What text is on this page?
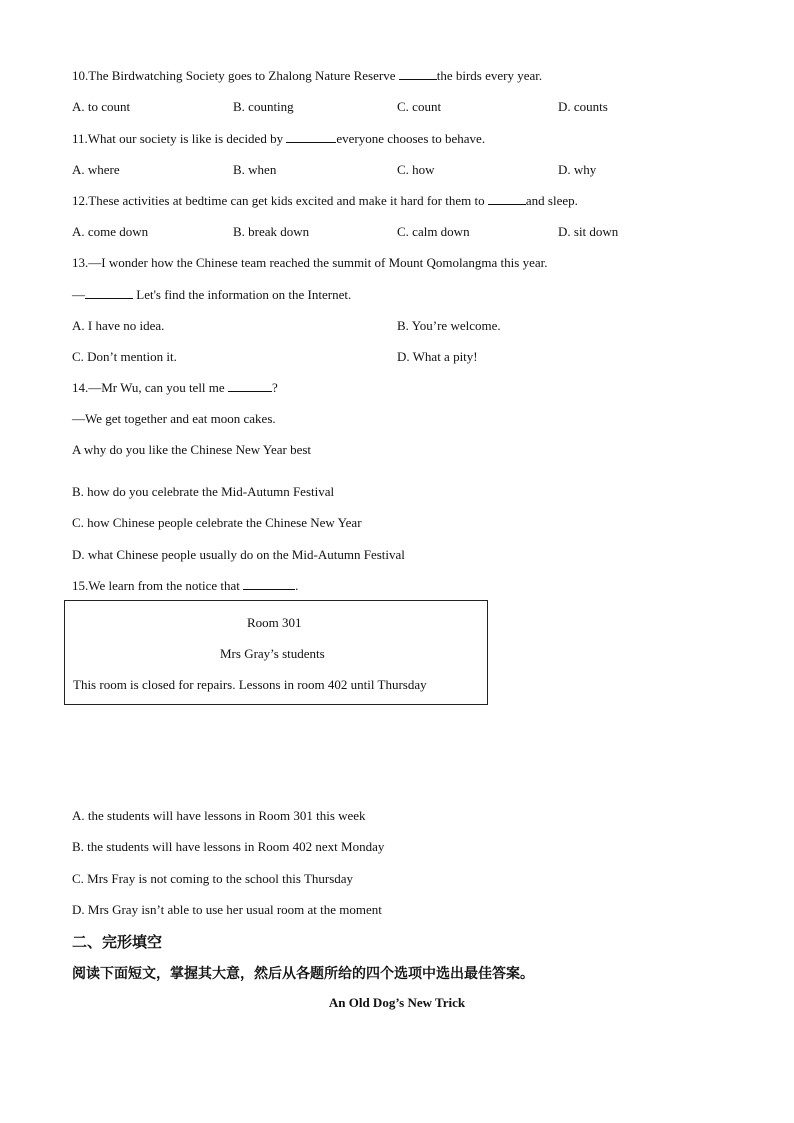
10.The Birdwatching Society goes to Zhalong Nature Reserve	the birds every year.
A. to count	B. counting	C. count	D. counts
11.What our society is like is decided by	everyone chooses to behave.
A. where	B. when	C. how	D. why
12.These activities at bedtime can get kids excited and make it hard for them to	and sleep.
A. come down	B. break down	C. calm down	D. sit down
13.—I wonder how the Chinese team reached the summit of Mount Qomolangma this year.
—	Let's find the information on the Internet.
A. I have no idea.	B. You’re welcome.
C. Don’t mention it.	D. What a pity!
14.—Mr Wu, can you tell me	?
—We get together and eat moon cakes.
A why do you like the Chinese New Year best
B. how do you celebrate the Mid-Autumn Festival
C. how Chinese people celebrate the Chinese New Year
D. what Chinese people usually do on the Mid-Autumn Festival
15.We learn from the notice that	.
Room 301
Mrs Gray’s students
This room is closed for repairs. Lessons in room 402 until Thursday
A. the students will have lessons in Room 301 this week
B. the students will have lessons in Room 402 next Monday
C. Mrs Fray is not coming to the school this Thursday
D. Mrs Gray isn’t able to use her usual room at the moment
二、完形填空
阅读下面短文，掌握其大意，然后从各题所给的四个选项中选出最佳答案。
An Old Dog’s New Trick
